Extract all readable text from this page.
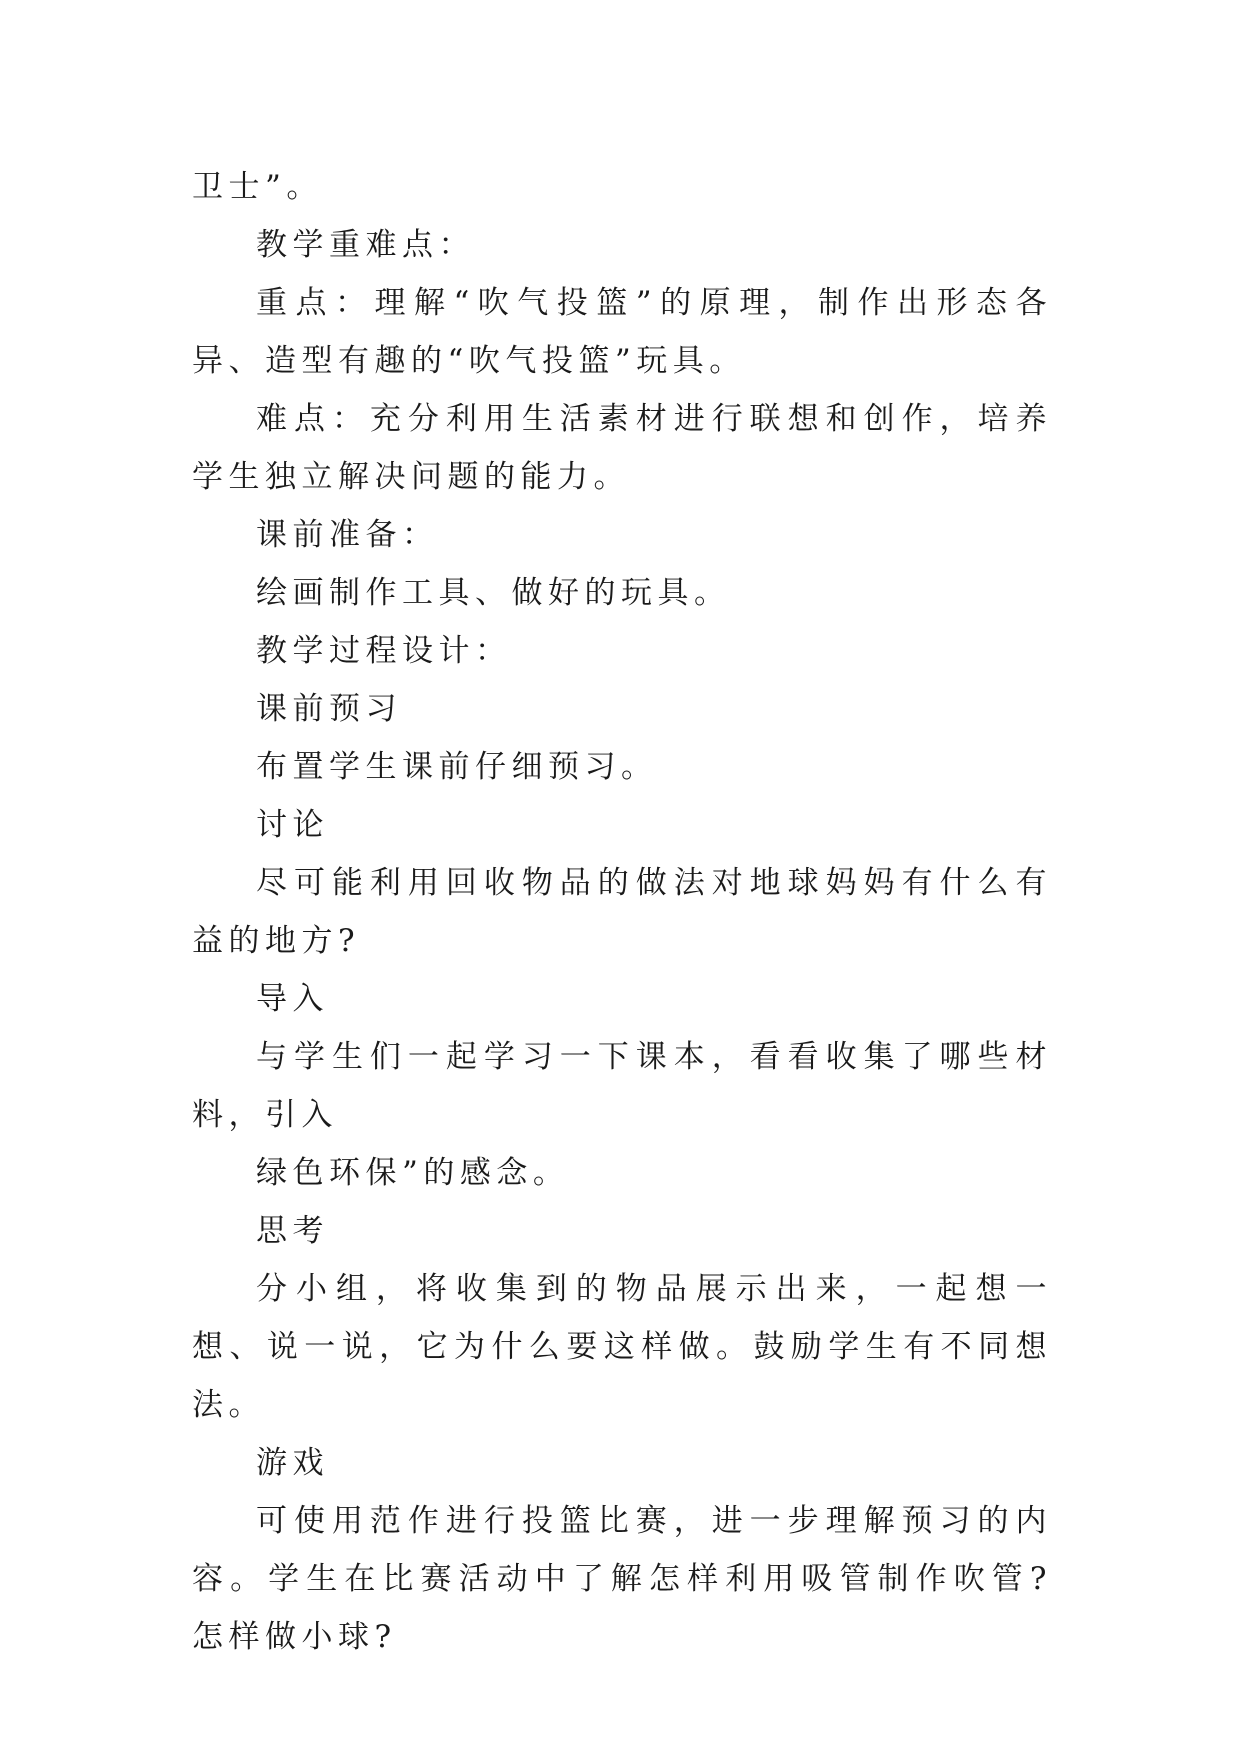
卫士”。

教学重难点：

重点：理解“吹气投篮”的原理，制作出形态各异、造型有趣的“吹气投篮”玩具。

难点：充分利用生活素材进行联想和创作，培养学生独立解决问题的能力。

课前准备：

绘画制作工具、做好的玩具。

教学过程设计：

课前预习

布置学生课前仔细预习。

讨论

尽可能利用回收物品的做法对地球妈妈有什么有益的地方?

导入

与学生们一起学习一下课本，看看收集了哪些材料，引入

绿色环保”的感念。

思考

分小组，将收集到的物品展示出来，一起想一想、说一说，它为什么要这样做。鼓励学生有不同想法。

游戏

可使用范作进行投篮比赛，进一步理解预习的内容。学生在比赛活动中了解怎样利用吸管制作吹管?怎样做小球?
